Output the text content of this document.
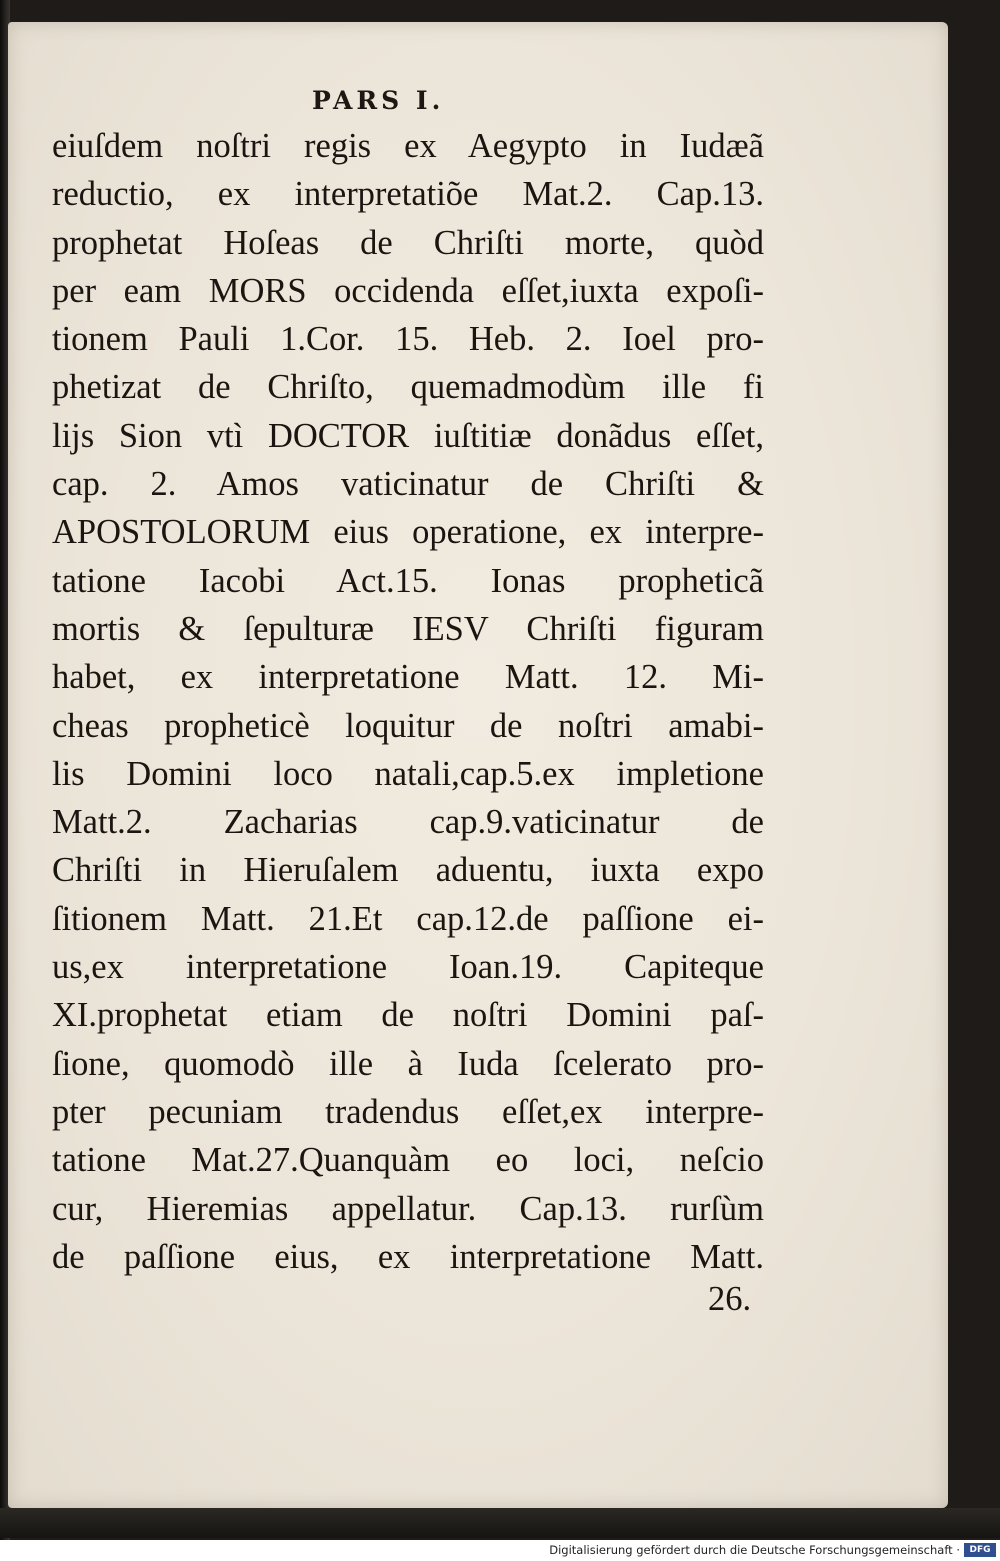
PARS I.
eiuſdem noſtri regis ex Aegypto in Iudæã
reductio, ex interpretatiõe Mat.2. Cap.13.
prophetat Hoſeas de Chriſti morte, quòd
per eam MORS occidenda eſſet,iuxta expoſi-
tionem Pauli 1.Cor. 15. Heb. 2. Ioel pro-
phetizat de Chriſto, quemadmodùm ille fi
lijs Sion vtì DOCTOR iuſtitiæ donãdus eſſet,
cap. 2. Amos vaticinatur de Chriſti &
APOSTOLORUM eius operatione, ex interpre-
tatione Iacobi Act.15. Ionas propheticã
mortis & ſepulturæ IESV Chriſti figuram
habet, ex interpretatione Matt. 12. Mi-
cheas propheticè loquitur de noſtri amabi-
lis Domini loco natali,cap.5.ex impletione
Matt.2. Zacharias cap.9.vaticinatur de
Chriſti in Hieruſalem aduentu, iuxta expo
ſitionem Matt. 21.Et cap.12.de paſſione ei-
us,ex interpretatione Ioan.19. Capiteque
XI.prophetat etiam de noſtri Domini paſ-
ſione, quomodò ille à Iuda ſcelerato pro-
pter pecuniam tradendus eſſet,ex interpre-
tatione Mat.27.Quanquàm eo loci, neſcio
cur, Hieremias appellatur. Cap.13. rurſùm
de paſſione eius, ex interpretatione Matt.
26.
Digitalisierung gefördert durch die Deutsche Forschungsgemeinschaft ·	DFG
